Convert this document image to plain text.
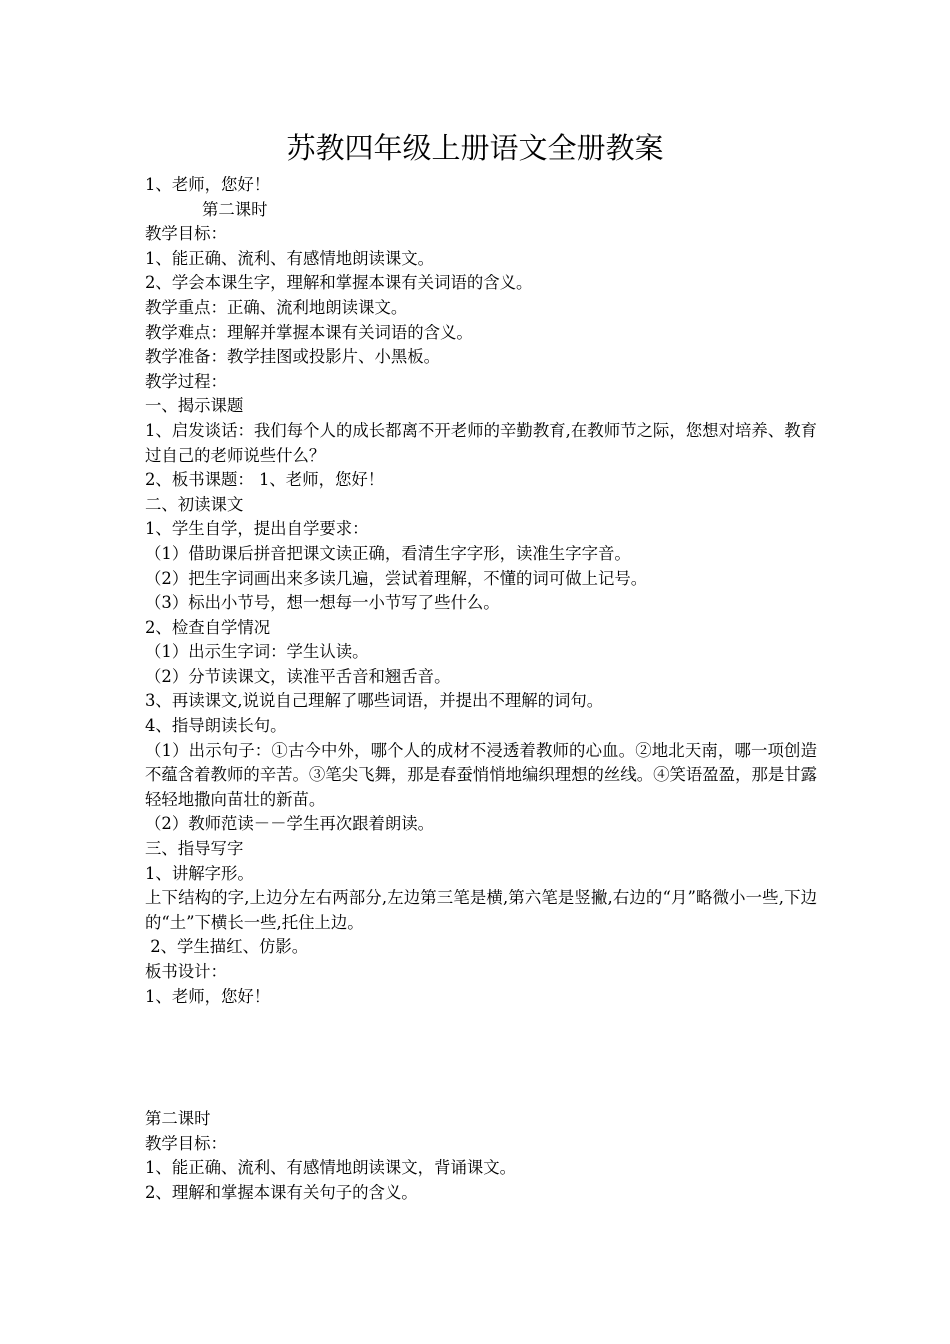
苏教四年级上册语文全册教案
1、老师，您好！
第二课时
教学目标：
1、能正确、流利、有感情地朗读课文。
2、学会本课生字，理解和掌握本课有关词语的含义。
教学重点：正确、流利地朗读课文。
教学难点：理解并掌握本课有关词语的含义。
教学准备：教学挂图或投影片、小黑板。
教学过程：
一、揭示课题
1、启发谈话：我们每个人的成长都离不开老师的辛勤教育,在教师节之际，您想对培养、教育过自己的老师说些什么？
2、板书课题： 1、老师，您好！
二、初读课文
1、学生自学，提出自学要求：
（1）借助课后拼音把课文读正确，看清生字字形，读准生字字音。
（2）把生字词画出来多读几遍，尝试着理解，不懂的词可做上记号。
（3）标出小节号，想一想每一小节写了些什么。
2、检查自学情况
（1）出示生字词：学生认读。
（2）分节读课文，读准平舌音和翘舌音。
3、再读课文,说说自己理解了哪些词语，并提出不理解的词句。
4、指导朗读长句。
（1）出示句子：①古今中外，哪个人的成材不浸透着教师的心血。②地北天南，哪一项创造不蕴含着教师的辛苦。③笔尖飞舞，那是春蚕悄悄地编织理想的丝线。④笑语盈盈，那是甘露轻轻地撒向苗壮的新苗。
（2）教师范读－－学生再次跟着朗读。
三、指导写字
1、讲解字形。
上下结构的字,上边分左右两部分,左边第三笔是横,第六笔是竖撇,右边的“月”略微小一些,下边的“土”下横长一些,托住上边。
2、学生描红、仿影。
板书设计：
1、老师，您好！
第二课时
教学目标：
1、能正确、流利、有感情地朗读课文，背诵课文。
2、理解和掌握本课有关句子的含义。
